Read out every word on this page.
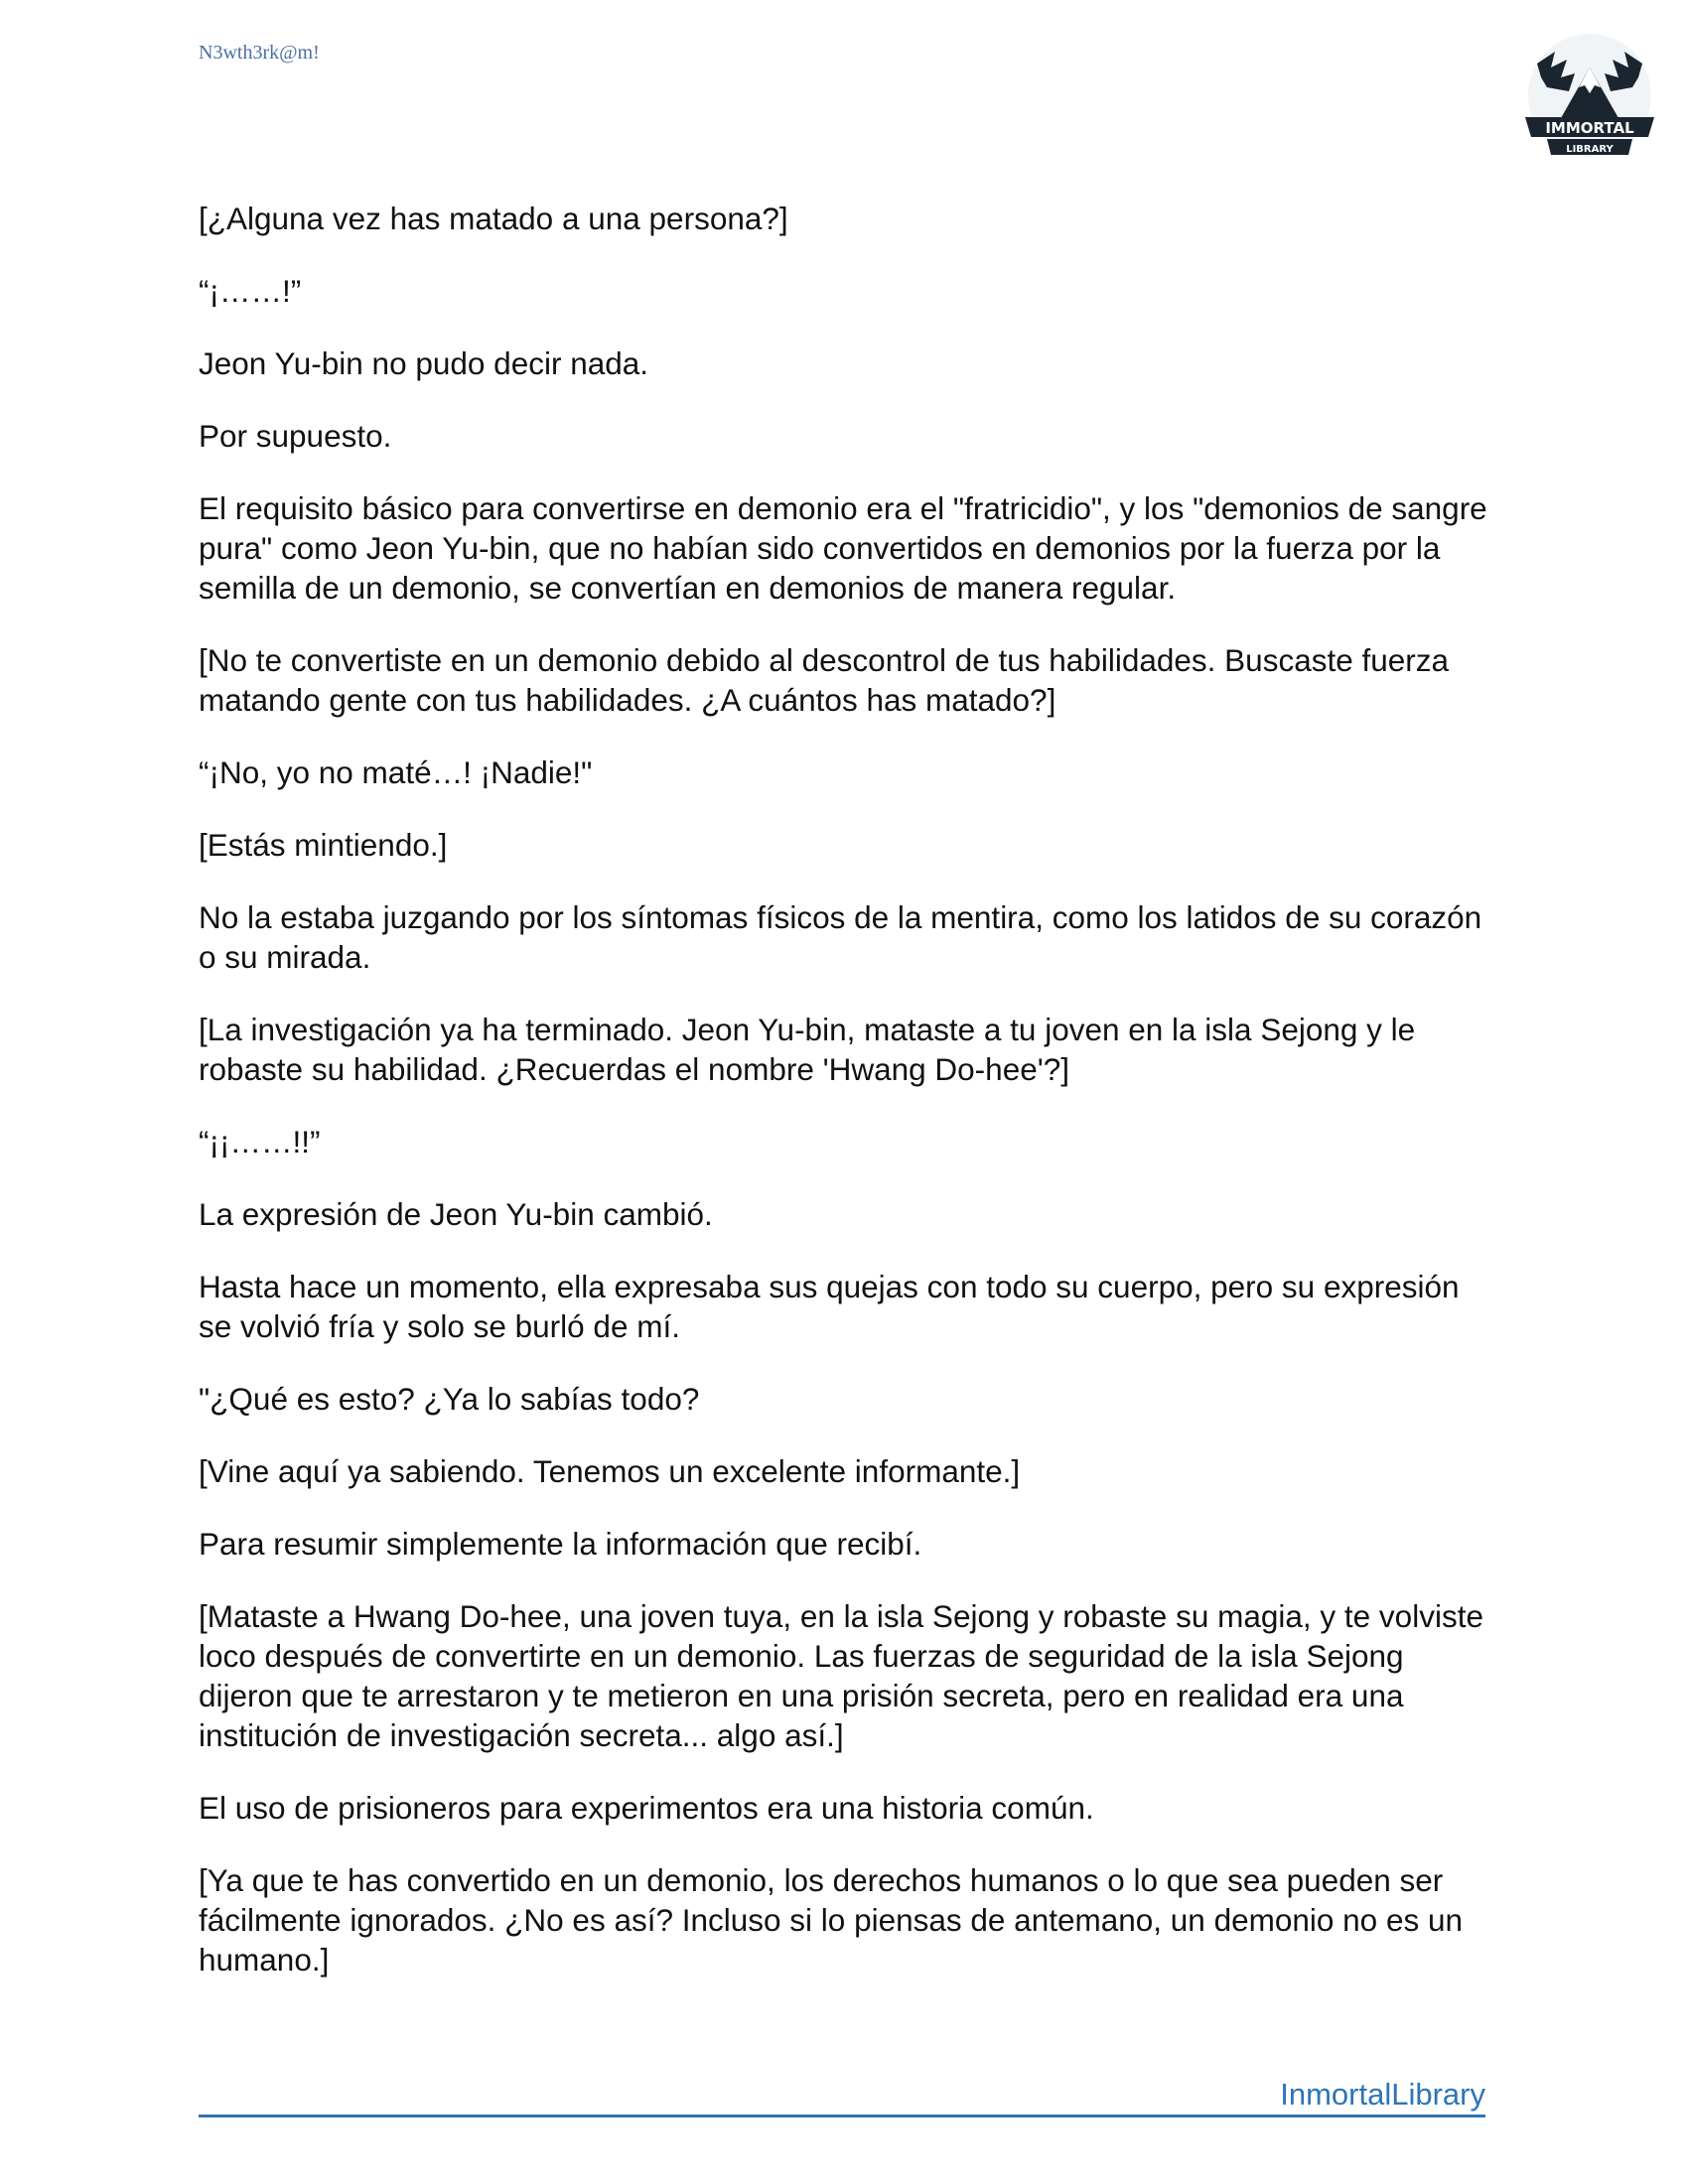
N3wth3rk@m!
IMMORTAL
LIBRARY

[¿Alguna vez has matado a una persona?]

“¡……!”

Jeon Yu-bin no pudo decir nada.

Por supuesto.

El requisito básico para convertirse en demonio era el "fratricidio", y los "demonios de sangre pura" como Jeon Yu-bin, que no habían sido convertidos en demonios por la fuerza por la semilla de un demonio, se convertían en demonios de manera regular.

[No te convertiste en un demonio debido al descontrol de tus habilidades. Buscaste fuerza matando gente con tus habilidades. ¿A cuántos has matado?]

“¡No, yo no maté…! ¡Nadie!"

[Estás mintiendo.]

No la estaba juzgando por los síntomas físicos de la mentira, como los latidos de su corazón o su mirada.

[La investigación ya ha terminado. Jeon Yu-bin, mataste a tu joven en la isla Sejong y le robaste su habilidad. ¿Recuerdas el nombre 'Hwang Do-hee'?]

“¡¡……!!”

La expresión de Jeon Yu-bin cambió.

Hasta hace un momento, ella expresaba sus quejas con todo su cuerpo, pero su expresión se volvió fría y solo se burló de mí.

"¿Qué es esto? ¿Ya lo sabías todo?

[Vine aquí ya sabiendo. Tenemos un excelente informante.]

Para resumir simplemente la información que recibí.

[Mataste a Hwang Do-hee, una joven tuya, en la isla Sejong y robaste su magia, y te volviste loco después de convertirte en un demonio. Las fuerzas de seguridad de la isla Sejong dijeron que te arrestaron y te metieron en una prisión secreta, pero en realidad era una institución de investigación secreta... algo así.]

El uso de prisioneros para experimentos era una historia común.

[Ya que te has convertido en un demonio, los derechos humanos o lo que sea pueden ser fácilmente ignorados. ¿No es así? Incluso si lo piensas de antemano, un demonio no es un humano.]

InmortalLibrary
